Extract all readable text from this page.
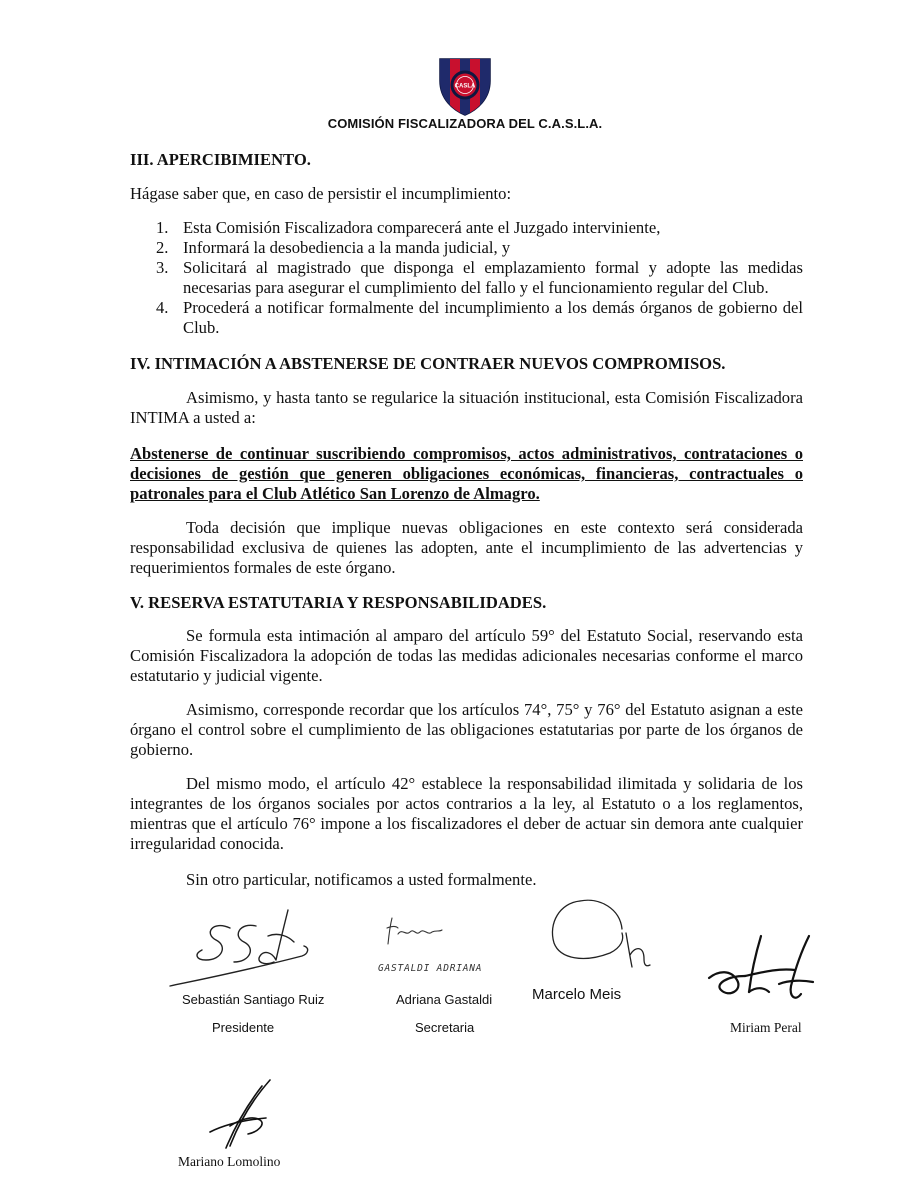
CASLA
COMISIÓN FISCALIZADORA DEL C.A.S.L.A.
III. APERCIBIMIENTO.
Hágase saber que, en caso de persistir el incumplimiento:
1. Esta Comisión Fiscalizadora comparecerá ante el Juzgado interviniente,
2. Informará la desobediencia a la manda judicial, y
3. Solicitará al magistrado que disponga el emplazamiento formal y adopte las medidas necesarias para asegurar el cumplimiento del fallo y el funcionamiento regular del Club.
4. Procederá a notificar formalmente del incumplimiento a los demás órganos de gobierno del Club.
IV. INTIMACIÓN A ABSTENERSE DE CONTRAER NUEVOS COMPROMISOS.
Asimismo, y hasta tanto se regularice la situación institucional, esta Comisión Fiscalizadora INTIMA a usted a:
Abstenerse de continuar suscribiendo compromisos, actos administrativos, contrataciones o decisiones de gestión que generen obligaciones económicas, financieras, contractuales o patronales para el Club Atlético San Lorenzo de Almagro.
Toda decisión que implique nuevas obligaciones en este contexto será considerada responsabilidad exclusiva de quienes las adopten, ante el incumplimiento de las advertencias y requerimientos formales de este órgano.
V. RESERVA ESTATUTARIA Y RESPONSABILIDADES.
Se formula esta intimación al amparo del artículo 59° del Estatuto Social, reservando esta Comisión Fiscalizadora la adopción de todas las medidas adicionales necesarias conforme el marco estatutario y judicial vigente.
Asimismo, corresponde recordar que los artículos 74°, 75° y 76° del Estatuto asignan a este órgano el control sobre el cumplimiento de las obligaciones estatutarias por parte de los órganos de gobierno.
Del mismo modo, el artículo 42° establece la responsabilidad ilimitada y solidaria de los integrantes de los órganos sociales por actos contrarios a la ley, al Estatuto o a los reglamentos, mientras que el artículo 76° impone a los fiscalizadores el deber de actuar sin demora ante cualquier irregularidad conocida.
Sin otro particular, notificamos a usted formalmente.
Sebastián Santiago Ruiz
Presidente
GASTALDI ADRIANA
Adriana Gastaldi
Secretaria
Marcelo Meis
Miriam Peral
Mariano Lomolino
